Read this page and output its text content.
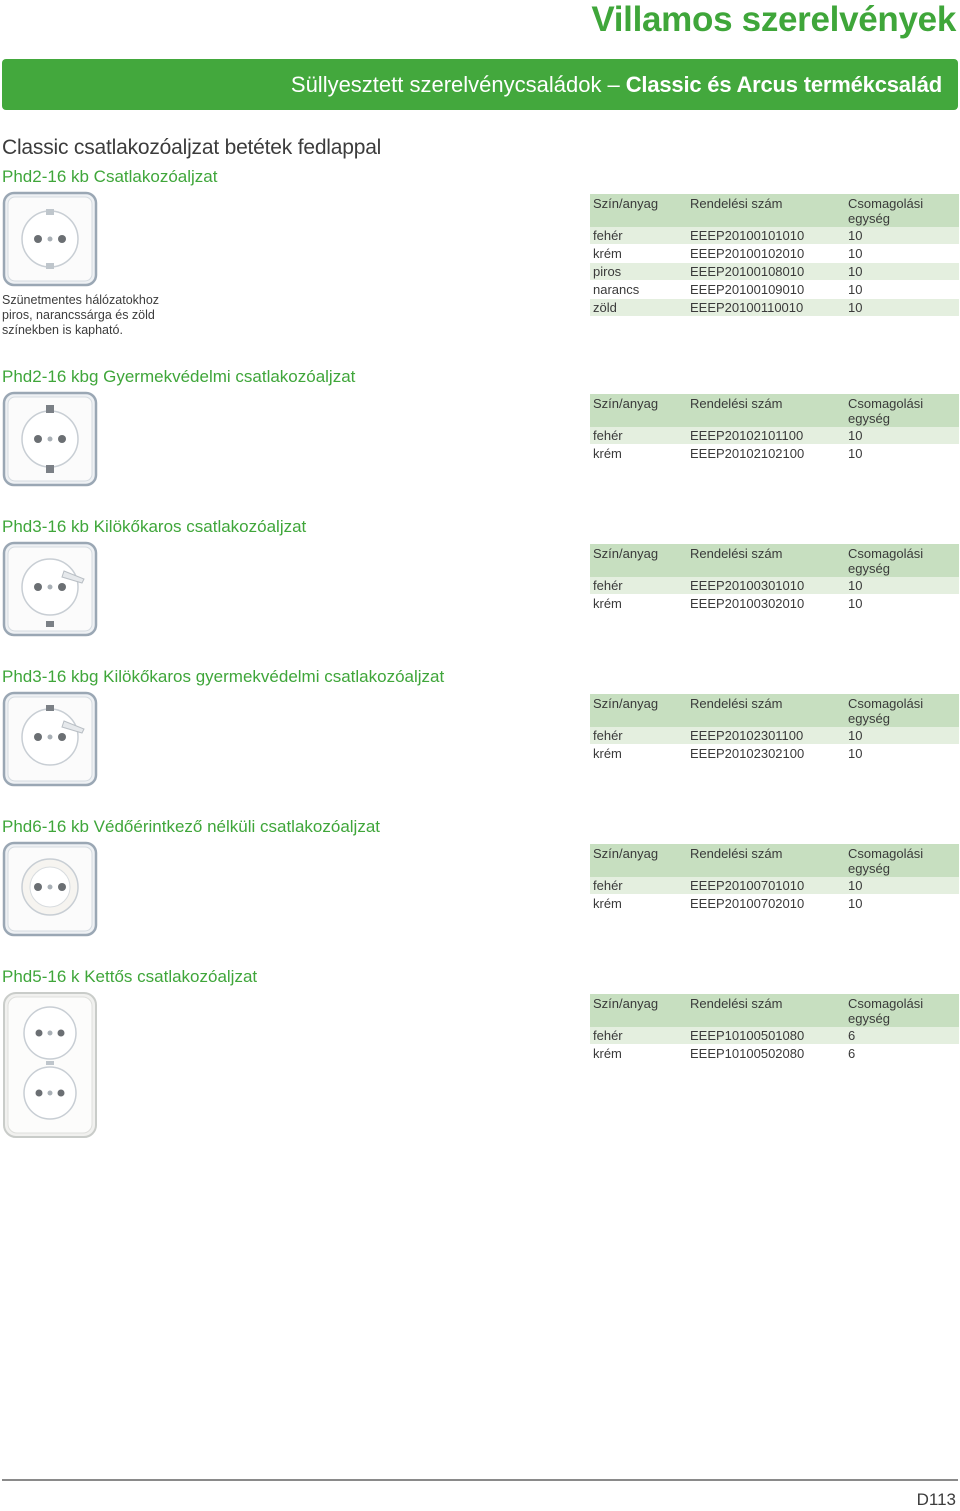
Villamos szerelvények
Süllyesztett szerelvénycsaládok – Classic és Arcus termékcsalád
Classic csatlakozóaljzat betétek fedlappal
Phd2-16 kb Csatlakozóaljzat
Szünetmentes hálózatokhoz piros, narancssárga és zöld színekben is kapható.
Szín/anyag	Rendelési szám	Csomagolási egység
fehér	EEEP20100101010	10
krém	EEEP20100102010	10
piros	EEEP20100108010	10
narancs	EEEP20100109010	10
zöld	EEEP20100110010	10
Phd2-16 kbg Gyermekvédelmi csatlakozóaljzat
Szín/anyag	Rendelési szám	Csomagolási egység
fehér	EEEP20102101100	10
krém	EEEP20102102100	10
Phd3-16 kb Kilökőkaros csatlakozóaljzat
Szín/anyag	Rendelési szám	Csomagolási egység
fehér	EEEP20100301010	10
krém	EEEP20100302010	10
Phd3-16 kbg Kilökőkaros gyermekvédelmi csatlakozóaljzat
Szín/anyag	Rendelési szám	Csomagolási egység
fehér	EEEP20102301100	10
krém	EEEP20102302100	10
Phd6-16 kb Védőérintkező nélküli csatlakozóaljzat
Szín/anyag	Rendelési szám	Csomagolási egység
fehér	EEEP20100701010	10
krém	EEEP20100702010	10
Phd5-16 k Kettős csatlakozóaljzat
Szín/anyag	Rendelési szám	Csomagolási egység
fehér	EEEP10100501080	6
krém	EEEP10100502080	6
D113
